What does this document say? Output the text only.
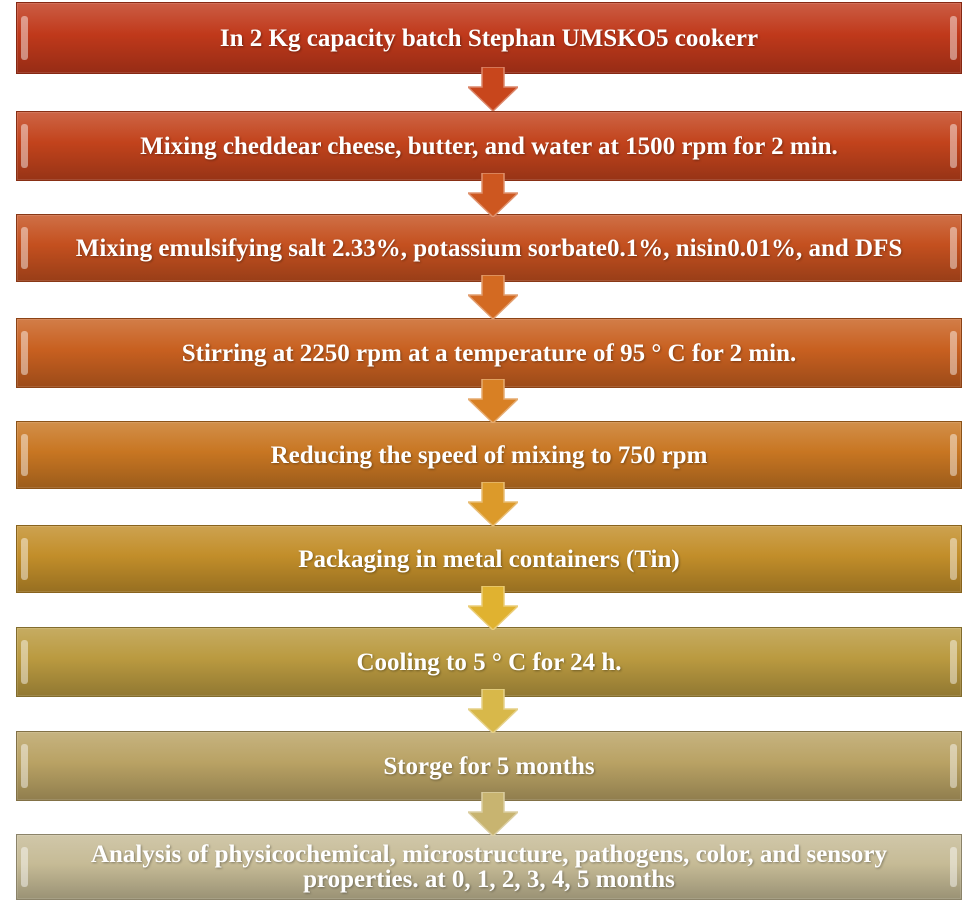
In 2 Kg capacity batch Stephan UMSKO5 cookerr
Mixing cheddear cheese, butter, and water at 1500 rpm for 2 min.
Mixing emulsifying salt 2.33%, potassium sorbate0.1%, nisin0.01%, and DFS
Stirring at 2250 rpm at a temperature of 95 ° C for 2 min.
Reducing the speed of mixing to 750 rpm
Packaging in metal containers (Tin)
Cooling to 5 ° C for 24 h.
Storge for 5 months
Analysis of physicochemical, microstructure, pathogens, color, and sensory properties. at 0, 1, 2, 3, 4, 5 months
